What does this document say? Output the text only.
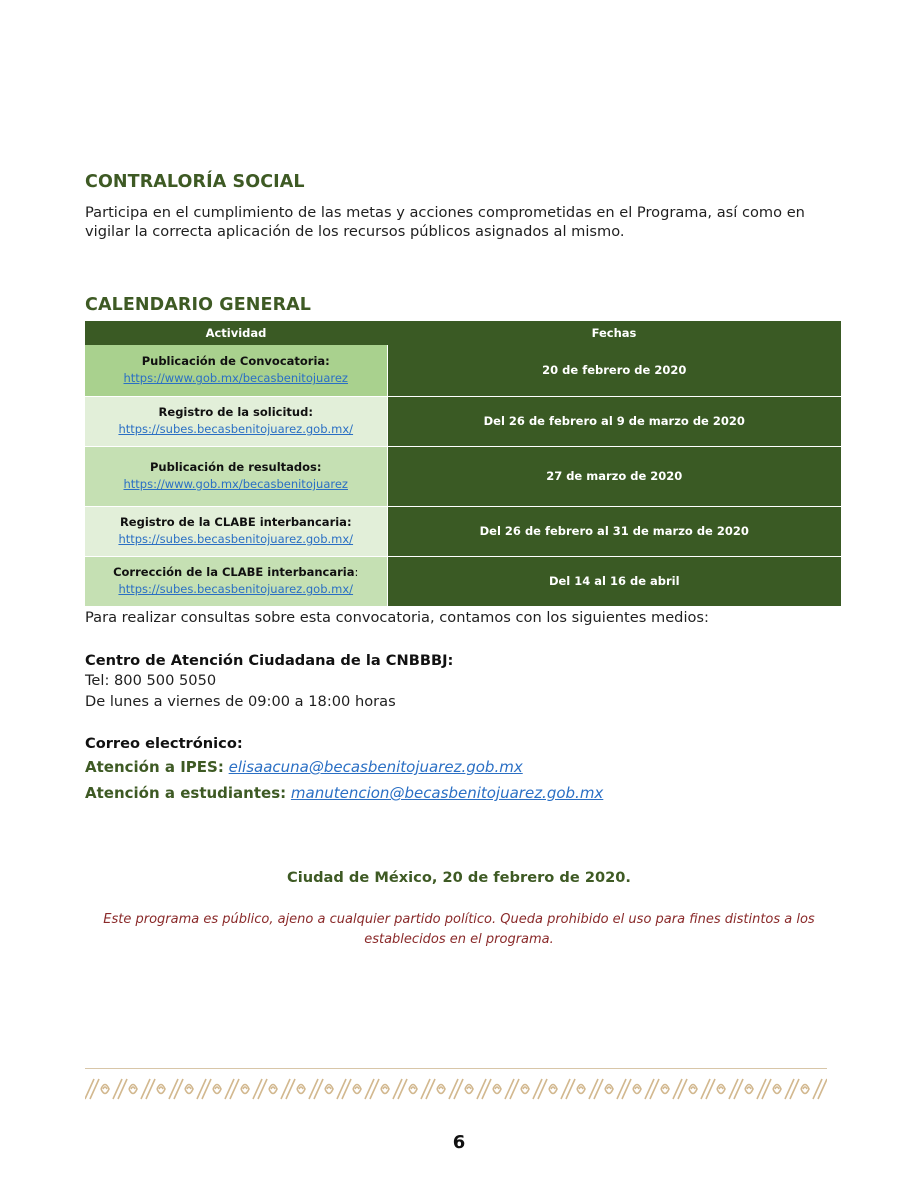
CONTRALORÍA SOCIAL
Participa en el cumplimiento de las metas y acciones comprometidas en el Programa, así como en vigilar la correcta aplicación de los recursos públicos asignados al mismo.
CALENDARIO GENERAL
Actividad	Fechas

Publicación de Convocatoria:
https://www.gob.mx/becasbenitojuarez	20 de febrero de 2020

Registro de la solicitud:
https://subes.becasbenitojuarez.gob.mx/	Del 26 de febrero al 9 de marzo de 2020

Publicación de resultados:
https://www.gob.mx/becasbenitojuarez	27 de marzo de 2020

Registro de la CLABE interbancaria:
https://subes.becasbenitojuarez.gob.mx/	Del 26 de febrero al 31 de marzo de 2020

Corrección de la CLABE interbancaria:
https://subes.becasbenitojuarez.gob.mx/	Del 14 al 16 de abril
Para realizar consultas sobre esta convocatoria, contamos con los siguientes medios:
Centro de Atención Ciudadana de la CNBBBJ:
Tel: 800 500 5050
De lunes a viernes de 09:00 a 18:00 horas
Correo electrónico:
Atención a IPES: elisaacuna@becasbenitojuarez.gob.mx
Atención a estudiantes: manutencion@becasbenitojuarez.gob.mx
Ciudad de México, 20 de febrero de 2020.
Este programa es público, ajeno a cualquier partido político. Queda prohibido el uso para fines distintos a los establecidos en el programa.
6
